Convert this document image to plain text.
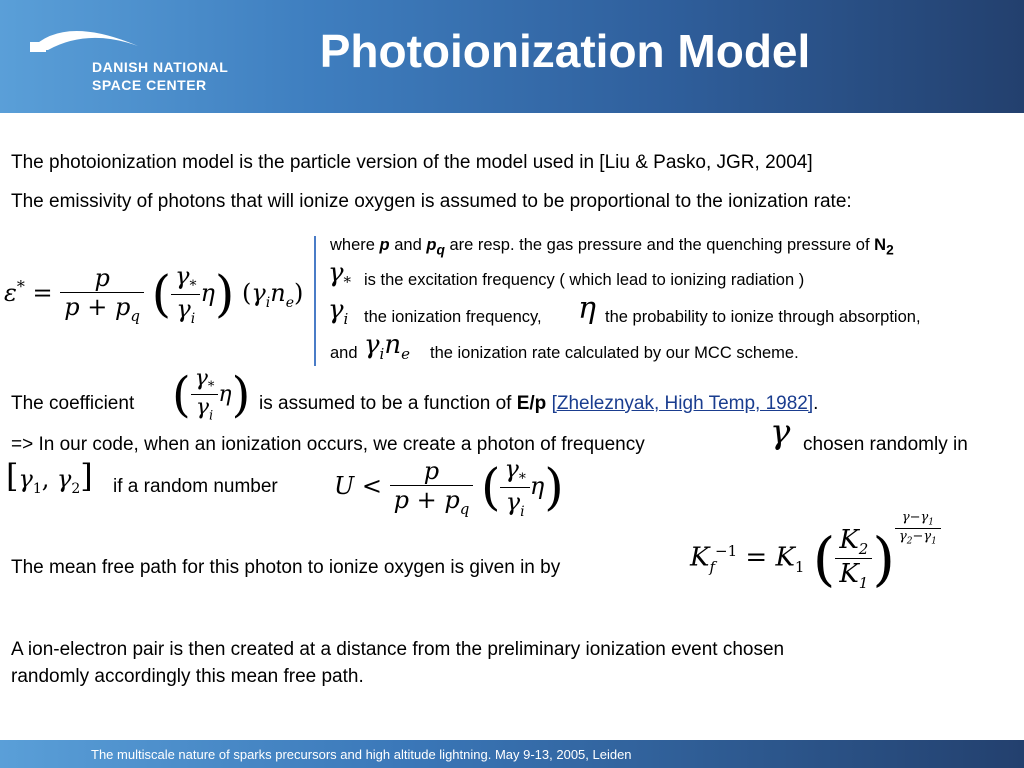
DANISH NATIONAL
SPACE CENTER
Photoionization Model
The photoionization model is the particle version of the model used in [Liu & Pasko, JGR, 2004]
The emissivity of photons that will ionize oxygen is assumed to be proportional to the ionization rate:
$\varepsilon^* = \frac{p}{p + p_q}$ ( $\frac{\gamma_*}{\gamma_i} \eta$) $(\gamma_in_e)$
where p and $p_q$ are resp. the gas pressure and the quenching pressure of $N_2$
$\gamma_*$ is the excitation frequency ( which lead to ionizing radiation )
$\gamma_i$ the ionization frequency, η the probability to ionize through absorption,
and $\gamma_in_e$ the ionization rate calculated by our MCC scheme.
The coefficient ( $\frac{\gamma_*}{\gamma_i} \eta$) is assumed to be a function of E/p [Zheleznyak, High Temp, 1982].
=> In our code, when an ionization occurs, we create a photon of frequency	γ chosen randomly in
[$\gamma_1$, $\gamma_2$] if a random number $U < \frac{p}{p + p_q}$ ( $\frac{\gamma_*}{\gamma_i} \eta$)
The mean free path for this photon to ionize oxygen is given in by	$K_f^{-1} = K_1$ ( $\frac{K_2}{K_1}$ ) $^{\frac{\gamma-\gamma_1}{\gamma_2-\gamma_1}}$
A ion-electron pair is then created at a distance from the preliminary ionization event chosen
randomly accordingly this mean free path.
The multiscale nature of sparks precursors and high altitude lightning. May 9-13, 2005, Leiden
